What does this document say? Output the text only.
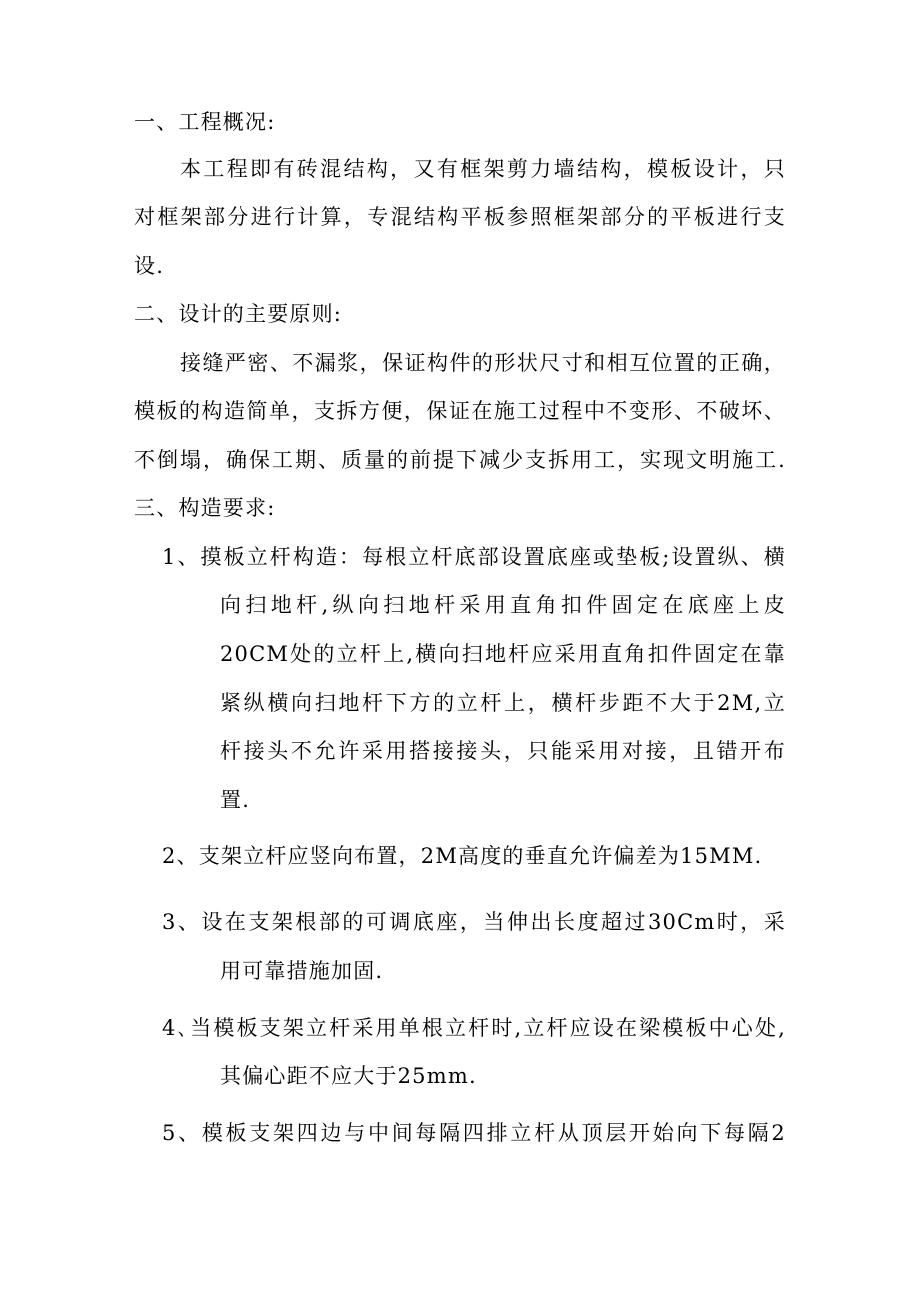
一、工程概况:
本工程即有砖混结构，又有框架剪力墙结构，模板设计，只
对框架部分进行计算，专混结构平板参照框架部分的平板进行支
设.
二、设计的主要原则:
接缝严密、不漏浆，保证构件的形状尺寸和相互位置的正确，
模板的构造简单，支拆方便，保证在施工过程中不变形、不破坏、
不倒塌，确保工期、质量的前提下减少支拆用工，实现文明施工.
三、构造要求:
1、摸板立杆构造：每根立杆底部设置底座或垫板;设置纵、横
向扫地杆,纵向扫地杆采用直角扣件固定在底座上皮
20CM处的立杆上,横向扫地杆应采用直角扣件固定在靠
紧纵横向扫地杆下方的立杆上，横杆步距不大于2M,立
杆接头不允许采用搭接接头，只能采用对接，且错开布
置.
2、支架立杆应竖向布置，2M高度的垂直允许偏差为15MM.
3、设在支架根部的可调底座，当伸出长度超过30Cm时，采
用可靠措施加固.
4､当模板支架立杆采用单根立杆时,立杆应设在梁模板中心处,
其偏心距不应大于25mm.
5、模板支架四边与中间每隔四排立杆从顶层开始向下每隔2
